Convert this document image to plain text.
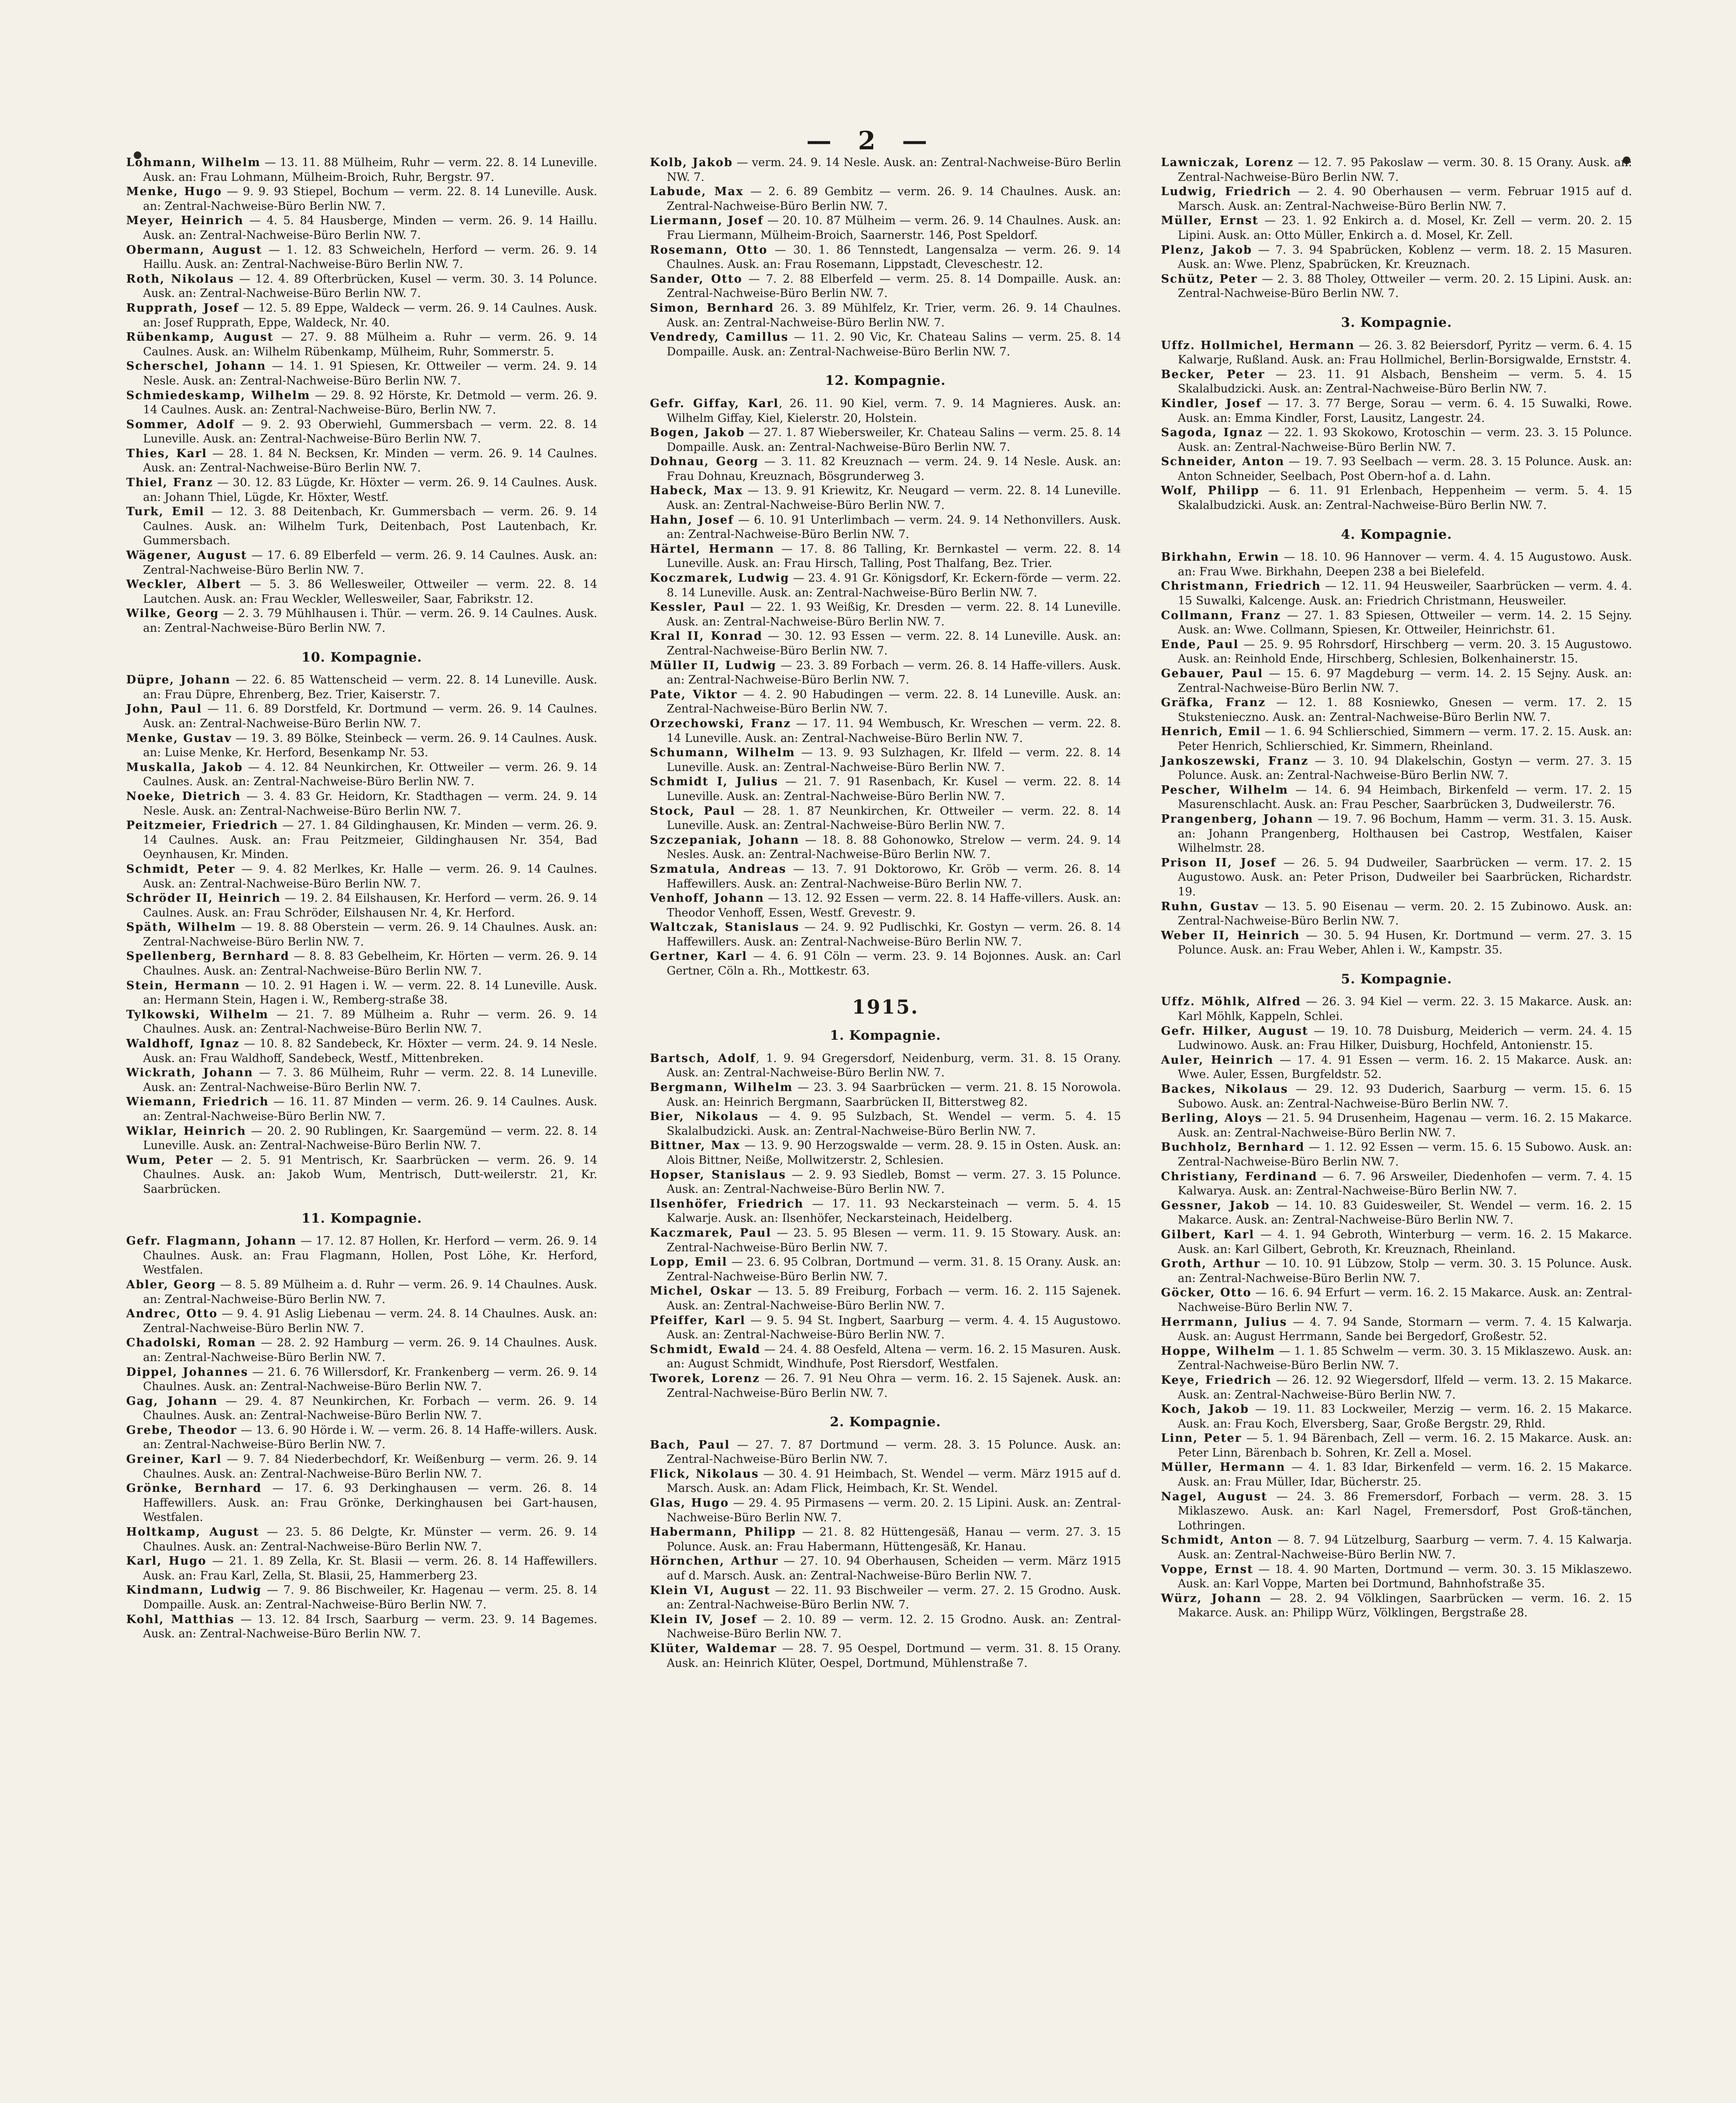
— 2 —

Lohmann, Wilhelm — 13. 11. 88 Mülheim, Ruhr — verm. 22. 8. 14 Luneville. Ausk. an: Frau Lohmann, Mülheim-Broich, Ruhr, Bergstr. 97.

Menke, Hugo — 9. 9. 93 Stiepel, Bochum — verm. 22. 8. 14 Luneville. Ausk. an: Zentral-Nachweise-Büro Berlin NW. 7.

Meyer, Heinrich — 4. 5. 84 Hausberge, Minden — verm. 26. 9. 14 Haillu. Ausk. an: Zentral-Nachweise-Büro Berlin NW. 7.

Obermann, August — 1. 12. 83 Schweicheln, Herford — verm. 26. 9. 14 Haillu. Ausk. an: Zentral-Nachweise-Büro Berlin NW. 7.

Roth, Nikolaus — 12. 4. 89 Ofterbrücken, Kusel — verm. 30. 3. 14 Polunce. Ausk. an: Zentral-Nachweise-Büro Berlin NW. 7.

Rupprath, Josef — 12. 5. 89 Eppe, Waldeck — verm. 26. 9. 14 Caulnes. Ausk. an: Josef Rupprath, Eppe, Waldeck, Nr. 40.

Rübenkamp, August — 27. 9. 88 Mülheim a. Ruhr — verm. 26. 9. 14 Caulnes. Ausk. an: Wilhelm Rübenkamp, Mülheim, Ruhr, Sommerstr. 5.

Scherschel, Johann — 14. 1. 91 Spiesen, Kr. Ottweiler — verm. 24. 9. 14 Nesle. Ausk. an: Zentral-Nachweise-Büro Berlin NW. 7.

Schmiedeskamp, Wilhelm — 29. 8. 92 Hörste, Kr. Detmold — verm. 26. 9. 14 Caulnes. Ausk. an: Zentral-Nachweise-Büro, Berlin NW. 7.

Sommer, Adolf — 9. 2. 93 Oberwiehl, Gummersbach — verm. 22. 8. 14 Luneville. Ausk. an: Zentral-Nachweise-Büro Berlin NW. 7.

Thies, Karl — 28. 1. 84 N. Becksen, Kr. Minden — verm. 26. 9. 14 Caulnes. Ausk. an: Zentral-Nachweise-Büro Berlin NW. 7.

Thiel, Franz — 30. 12. 83 Lügde, Kr. Höxter — verm. 26. 9. 14 Caulnes. Ausk. an: Johann Thiel, Lügde, Kr. Höxter, Westf.

Turk, Emil — 12. 3. 88 Deitenbach, Kr. Gummersbach — verm. 26. 9. 14 Caulnes. Ausk. an: Wilhelm Turk, Deitenbach, Post Lautenbach, Kr. Gummersbach.

Wägener, August — 17. 6. 89 Elberfeld — verm. 26. 9. 14 Caulnes. Ausk. an: Zentral-Nachweise-Büro Berlin NW. 7.

Weckler, Albert — 5. 3. 86 Wellesweiler, Ottweiler — verm. 22. 8. 14 Lautchen. Ausk. an: Frau Weckler, Wellesweiler, Saar, Fabrikstr. 12.

Wilke, Georg — 2. 3. 79 Mühlhausen i. Thür. — verm. 26. 9. 14 Caulnes. Ausk. an: Zentral-Nachweise-Büro Berlin NW. 7.

10. Kompagnie.

Düpre, Johann — 22. 6. 85 Wattenscheid — verm. 22. 8. 14 Luneville. Ausk. an: Frau Düpre, Ehrenberg, Bez. Trier, Kaiserstr. 7.

John, Paul — 11. 6. 89 Dorstfeld, Kr. Dortmund — verm. 26. 9. 14 Caulnes. Ausk. an: Zentral-Nachweise-Büro Berlin NW. 7.

Menke, Gustav — 19. 3. 89 Bölke, Steinbeck — verm. 26. 9. 14 Caulnes. Ausk. an: Luise Menke, Kr. Herford, Besenkamp Nr. 53.

Muskalla, Jakob — 4. 12. 84 Neunkirchen, Kr. Ottweiler — verm. 26. 9. 14 Caulnes. Ausk. an: Zentral-Nachweise-Büro Berlin NW. 7.

Noeke, Dietrich — 3. 4. 83 Gr. Heidorn, Kr. Stadthagen — verm. 24. 9. 14 Nesle. Ausk. an: Zentral-Nachweise-Büro Berlin NW. 7.

Peitzmeier, Friedrich — 27. 1. 84 Gildinghausen, Kr. Minden — verm. 26. 9. 14 Caulnes. Ausk. an: Frau Peitzmeier, Gildinghausen Nr. 354, Bad Oeynhausen, Kr. Minden.

Schmidt, Peter — 9. 4. 82 Merlkes, Kr. Halle — verm. 26. 9. 14 Caulnes. Ausk. an: Zentral-Nachweise-Büro Berlin NW. 7.

Schröder II, Heinrich — 19. 2. 84 Eilshausen, Kr. Herford — verm. 26. 9. 14 Caulnes. Ausk. an: Frau Schröder, Eilshausen Nr. 4, Kr. Herford.

Späth, Wilhelm — 19. 8. 88 Oberstein — verm. 26. 9. 14 Chaulnes. Ausk. an: Zentral-Nachweise-Büro Berlin NW. 7.

Spellenberg, Bernhard — 8. 8. 83 Gebelheim, Kr. Hörten — verm. 26. 9. 14 Chaulnes. Ausk. an: Zentral-Nachweise-Büro Berlin NW. 7.

Stein, Hermann — 10. 2. 91 Hagen i. W. — verm. 22. 8. 14 Luneville. Ausk. an: Hermann Stein, Hagen i. W., Remberg-straße 38.

Tylkowski, Wilhelm — 21. 7. 89 Mülheim a. Ruhr — verm. 26. 9. 14 Chaulnes. Ausk. an: Zentral-Nachweise-Büro Berlin NW. 7.

Waldhoff, Ignaz — 10. 8. 82 Sandebeck, Kr. Höxter — verm. 24. 9. 14 Nesle. Ausk. an: Frau Waldhoff, Sandebeck, Westf., Mittenbreken.

Wickrath, Johann — 7. 3. 86 Mülheim, Ruhr — verm. 22. 8. 14 Luneville. Ausk. an: Zentral-Nachweise-Büro Berlin NW. 7.

Wiemann, Friedrich — 16. 11. 87 Minden — verm. 26. 9. 14 Caulnes. Ausk. an: Zentral-Nachweise-Büro Berlin NW. 7.

Wiklar, Heinrich — 20. 2. 90 Rublingen, Kr. Saargemünd — verm. 22. 8. 14 Luneville. Ausk. an: Zentral-Nachweise-Büro Berlin NW. 7.

Wum, Peter — 2. 5. 91 Mentrisch, Kr. Saarbrücken — verm. 26. 9. 14 Chaulnes. Ausk. an: Jakob Wum, Mentrisch, Dutt-weilerstr. 21, Kr. Saarbrücken.

11. Kompagnie.

Gefr. Flagmann, Johann — 17. 12. 87 Hollen, Kr. Herford — verm. 26. 9. 14 Chaulnes. Ausk. an: Frau Flagmann, Hollen, Post Löhe, Kr. Herford, Westfalen.

Abler, Georg — 8. 5. 89 Mülheim a. d. Ruhr — verm. 26. 9. 14 Chaulnes. Ausk. an: Zentral-Nachweise-Büro Berlin NW. 7.

Andrec, Otto — 9. 4. 91 Aslig Liebenau — verm. 24. 8. 14 Chaulnes. Ausk. an: Zentral-Nachweise-Büro Berlin NW. 7.

Chadolski, Roman — 28. 2. 92 Hamburg — verm. 26. 9. 14 Chaulnes. Ausk. an: Zentral-Nachweise-Büro Berlin NW. 7.

Dippel, Johannes — 21. 6. 76 Willersdorf, Kr. Frankenberg — verm. 26. 9. 14 Chaulnes. Ausk. an: Zentral-Nachweise-Büro Berlin NW. 7.

Gag, Johann — 29. 4. 87 Neunkirchen, Kr. Forbach — verm. 26. 9. 14 Chaulnes. Ausk. an: Zentral-Nachweise-Büro Berlin NW. 7.

Grebe, Theodor — 13. 6. 90 Hörde i. W. — verm. 26. 8. 14 Haffe-willers. Ausk. an: Zentral-Nachweise-Büro Berlin NW. 7.

Greiner, Karl — 9. 7. 84 Niederbechdorf, Kr. Weißenburg — verm. 26. 9. 14 Chaulnes. Ausk. an: Zentral-Nachweise-Büro Berlin NW. 7.

Grönke, Bernhard — 17. 6. 93 Derkinghausen — verm. 26. 8. 14 Haffewillers. Ausk. an: Frau Grönke, Derkinghausen bei Gart-hausen, Westfalen.

Holtkamp, August — 23. 5. 86 Delgte, Kr. Münster — verm. 26. 9. 14 Chaulnes. Ausk. an: Zentral-Nachweise-Büro Berlin NW. 7.

Karl, Hugo — 21. 1. 89 Zella, Kr. St. Blasii — verm. 26. 8. 14 Haffewillers. Ausk. an: Frau Karl, Zella, St. Blasii, 25, Hammerberg 23.

Kindmann, Ludwig — 7. 9. 86 Bischweiler, Kr. Hagenau — verm. 25. 8. 14 Dompaille. Ausk. an: Zentral-Nachweise-Büro Berlin NW. 7.

Kohl, Matthias — 13. 12. 84 Irsch, Saarburg — verm. 23. 9. 14 Bagemes. Ausk. an: Zentral-Nachweise-Büro Berlin NW. 7.

Kolb, Jakob — verm. 24. 9. 14 Nesle. Ausk. an: Zentral-Nachweise-Büro Berlin NW. 7.

Labude, Max — 2. 6. 89 Gembitz — verm. 26. 9. 14 Chaulnes. Ausk. an: Zentral-Nachweise-Büro Berlin NW. 7.

Liermann, Josef — 20. 10. 87 Mülheim — verm. 26. 9. 14 Chaulnes. Ausk. an: Frau Liermann, Mülheim-Broich, Saarnerstr. 146, Post Speldorf.

Rosemann, Otto — 30. 1. 86 Tennstedt, Langensalza — verm. 26. 9. 14 Chaulnes. Ausk. an: Frau Rosemann, Lippstadt, Cleveschestr. 12.

Sander, Otto — 7. 2. 88 Elberfeld — verm. 25. 8. 14 Dompaille. Ausk. an: Zentral-Nachweise-Büro Berlin NW. 7.

Simon, Bernhard 26. 3. 89 Mühlfelz, Kr. Trier, verm. 26. 9. 14 Chaulnes. Ausk. an: Zentral-Nachweise-Büro Berlin NW. 7.

Vendredy, Camillus — 11. 2. 90 Vic, Kr. Chateau Salins — verm. 25. 8. 14 Dompaille. Ausk. an: Zentral-Nachweise-Büro Berlin NW. 7.

12. Kompagnie.

Gefr. Giffay, Karl, 26. 11. 90 Kiel, verm. 7. 9. 14 Magnieres. Ausk. an: Wilhelm Giffay, Kiel, Kielerstr. 20, Holstein.

Bogen, Jakob — 27. 1. 87 Wiebersweiler, Kr. Chateau Salins — verm. 25. 8. 14 Dompaille. Ausk. an: Zentral-Nachweise-Büro Berlin NW. 7.

Dohnau, Georg — 3. 11. 82 Kreuznach — verm. 24. 9. 14 Nesle. Ausk. an: Frau Dohnau, Kreuznach, Bösgrunderweg 3.

Habeck, Max — 13. 9. 91 Kriewitz, Kr. Neugard — verm. 22. 8. 14 Luneville. Ausk. an: Zentral-Nachweise-Büro Berlin NW. 7.

Hahn, Josef — 6. 10. 91 Unterlimbach — verm. 24. 9. 14 Nethonvillers. Ausk. an: Zentral-Nachweise-Büro Berlin NW. 7.

Härtel, Hermann — 17. 8. 86 Talling, Kr. Bernkastel — verm. 22. 8. 14 Luneville. Ausk. an: Frau Hirsch, Talling, Post Thalfang, Bez. Trier.

Koczmarek, Ludwig — 23. 4. 91 Gr. Königsdorf, Kr. Eckern-förde — verm. 22. 8. 14 Luneville. Ausk. an: Zentral-Nachweise-Büro Berlin NW. 7.

Kessler, Paul — 22. 1. 93 Weißig, Kr. Dresden — verm. 22. 8. 14 Luneville. Ausk. an: Zentral-Nachweise-Büro Berlin NW. 7.

Kral II, Konrad — 30. 12. 93 Essen — verm. 22. 8. 14 Luneville. Ausk. an: Zentral-Nachweise-Büro Berlin NW. 7.

Müller II, Ludwig — 23. 3. 89 Forbach — verm. 26. 8. 14 Haffe-villers. Ausk. an: Zentral-Nachweise-Büro Berlin NW. 7.

Pate, Viktor — 4. 2. 90 Habudingen — verm. 22. 8. 14 Luneville. Ausk. an: Zentral-Nachweise-Büro Berlin NW. 7.

Orzechowski, Franz — 17. 11. 94 Wembusch, Kr. Wreschen — verm. 22. 8. 14 Luneville. Ausk. an: Zentral-Nachweise-Büro Berlin NW. 7.

Schumann, Wilhelm — 13. 9. 93 Sulzhagen, Kr. Ilfeld — verm. 22. 8. 14 Luneville. Ausk. an: Zentral-Nachweise-Büro Berlin NW. 7.

Schmidt I, Julius — 21. 7. 91 Rasenbach, Kr. Kusel — verm. 22. 8. 14 Luneville. Ausk. an: Zentral-Nachweise-Büro Berlin NW. 7.

Stock, Paul — 28. 1. 87 Neunkirchen, Kr. Ottweiler — verm. 22. 8. 14 Luneville. Ausk. an: Zentral-Nachweise-Büro Berlin NW. 7.

Szczepaniak, Johann — 18. 8. 88 Gohonowko, Strelow — verm. 24. 9. 14 Nesles. Ausk. an: Zentral-Nachweise-Büro Berlin NW. 7.

Szmatula, Andreas — 13. 7. 91 Doktorowo, Kr. Gröb — verm. 26. 8. 14 Haffewillers. Ausk. an: Zentral-Nachweise-Büro Berlin NW. 7.

Venhoff, Johann — 13. 12. 92 Essen — verm. 22. 8. 14 Haffe-villers. Ausk. an: Theodor Venhoff, Essen, Westf. Grevestr. 9.

Waltczak, Stanislaus — 24. 9. 92 Pudlischki, Kr. Gostyn — verm. 26. 8. 14 Haffewillers. Ausk. an: Zentral-Nachweise-Büro Berlin NW. 7.

Gertner, Karl — 4. 6. 91 Cöln — verm. 23. 9. 14 Bojonnes. Ausk. an: Carl Gertner, Cöln a. Rh., Mottkestr. 63.

1915.
1. Kompagnie.

Bartsch, Adolf, 1. 9. 94 Gregersdorf, Neidenburg, verm. 31. 8. 15 Orany. Ausk. an: Zentral-Nachweise-Büro Berlin NW. 7.

Bergmann, Wilhelm — 23. 3. 94 Saarbrücken — verm. 21. 8. 15 Norowola. Ausk. an: Heinrich Bergmann, Saarbrücken II, Bitterstweg 82.

Bier, Nikolaus — 4. 9. 95 Sulzbach, St. Wendel — verm. 5. 4. 15 Skalalbudzicki. Ausk. an: Zentral-Nachweise-Büro Berlin NW. 7.

Bittner, Max — 13. 9. 90 Herzogswalde — verm. 28. 9. 15 in Osten. Ausk. an: Alois Bittner, Neiße, Mollwitzerstr. 2, Schlesien.

Hopser, Stanislaus — 2. 9. 93 Siedleb, Bomst — verm. 27. 3. 15 Polunce. Ausk. an: Zentral-Nachweise-Büro Berlin NW. 7.

Ilsenhöfer, Friedrich — 17. 11. 93 Neckarsteinach — verm. 5. 4. 15 Kalwarje. Ausk. an: Ilsenhöfer, Neckarsteinach, Heidelberg.

Kaczmarek, Paul — 23. 5. 95 Blesen — verm. 11. 9. 15 Stowary. Ausk. an: Zentral-Nachweise-Büro Berlin NW. 7.

Lopp, Emil — 23. 6. 95 Colbran, Dortmund — verm. 31. 8. 15 Orany. Ausk. an: Zentral-Nachweise-Büro Berlin NW. 7.

Michel, Oskar — 13. 5. 89 Freiburg, Forbach — verm. 16. 2. 115 Sajenek. Ausk. an: Zentral-Nachweise-Büro Berlin NW. 7.

Pfeiffer, Karl — 9. 5. 94 St. Ingbert, Saarburg — verm. 4. 4. 15 Augustowo. Ausk. an: Zentral-Nachweise-Büro Berlin NW. 7.

Schmidt, Ewald — 24. 4. 88 Oesfeld, Altena — verm. 16. 2. 15 Masuren. Ausk. an: August Schmidt, Windhufe, Post Riersdorf, Westfalen.

Tworek, Lorenz — 26. 7. 91 Neu Ohra — verm. 16. 2. 15 Sajenek. Ausk. an: Zentral-Nachweise-Büro Berlin NW. 7.

2. Kompagnie.

Bach, Paul — 27. 7. 87 Dortmund — verm. 28. 3. 15 Polunce. Ausk. an: Zentral-Nachweise-Büro Berlin NW. 7.

Flick, Nikolaus — 30. 4. 91 Heimbach, St. Wendel — verm. März 1915 auf d. Marsch. Ausk. an: Adam Flick, Heimbach, Kr. St. Wendel.

Glas, Hugo — 29. 4. 95 Pirmasens — verm. 20. 2. 15 Lipini. Ausk. an: Zentral-Nachweise-Büro Berlin NW. 7.

Habermann, Philipp — 21. 8. 82 Hüttengesäß, Hanau — verm. 27. 3. 15 Polunce. Ausk. an: Frau Habermann, Hüttengesäß, Kr. Hanau.

Hörnchen, Arthur — 27. 10. 94 Oberhausen, Scheiden — verm. März 1915 auf d. Marsch. Ausk. an: Zentral-Nachweise-Büro Berlin NW. 7.

Klein VI, August — 22. 11. 93 Bischweiler — verm. 27. 2. 15 Grodno. Ausk. an: Zentral-Nachweise-Büro Berlin NW. 7.

Klein IV, Josef — 2. 10. 89 — verm. 12. 2. 15 Grodno. Ausk. an: Zentral-Nachweise-Büro Berlin NW. 7.

Klüter, Waldemar — 28. 7. 95 Oespel, Dortmund — verm. 31. 8. 15 Orany. Ausk. an: Heinrich Klüter, Oespel, Dortmund, Mühlenstraße 7.

Lawniczak, Lorenz — 12. 7. 95 Pakoslaw — verm. 30. 8. 15 Orany. Ausk. an: Zentral-Nachweise-Büro Berlin NW. 7.

Ludwig, Friedrich — 2. 4. 90 Oberhausen — verm. Februar 1915 auf d. Marsch. Ausk. an: Zentral-Nachweise-Büro Berlin NW. 7.

Müller, Ernst — 23. 1. 92 Enkirch a. d. Mosel, Kr. Zell — verm. 20. 2. 15 Lipini. Ausk. an: Otto Müller, Enkirch a. d. Mosel, Kr. Zell.

Plenz, Jakob — 7. 3. 94 Spabrücken, Koblenz — verm. 18. 2. 15 Masuren. Ausk. an: Wwe. Plenz, Spabrücken, Kr. Kreuznach.

Schütz, Peter — 2. 3. 88 Tholey, Ottweiler — verm. 20. 2. 15 Lipini. Ausk. an: Zentral-Nachweise-Büro Berlin NW. 7.

3. Kompagnie.

Uffz. Hollmichel, Hermann — 26. 3. 82 Beiersdorf, Pyritz — verm. 6. 4. 15 Kalwarje, Rußland. Ausk. an: Frau Hollmichel, Berlin-Borsigwalde, Ernststr. 4.

Becker, Peter — 23. 11. 91 Alsbach, Bensheim — verm. 5. 4. 15 Skalalbudzicki. Ausk. an: Zentral-Nachweise-Büro Berlin NW. 7.

Kindler, Josef — 17. 3. 77 Berge, Sorau — verm. 6. 4. 15 Suwalki, Rowe. Ausk. an: Emma Kindler, Forst, Lausitz, Langestr. 24.

Sagoda, Ignaz — 22. 1. 93 Skokowo, Krotoschin — verm. 23. 3. 15 Polunce. Ausk. an: Zentral-Nachweise-Büro Berlin NW. 7.

Schneider, Anton — 19. 7. 93 Seelbach — verm. 28. 3. 15 Polunce. Ausk. an: Anton Schneider, Seelbach, Post Obern-hof a. d. Lahn.

Wolf, Philipp — 6. 11. 91 Erlenbach, Heppenheim — verm. 5. 4. 15 Skalalbudzicki. Ausk. an: Zentral-Nachweise-Büro Berlin NW. 7.

4. Kompagnie.

Birkhahn, Erwin — 18. 10. 96 Hannover — verm. 4. 4. 15 Augustowo. Ausk. an: Frau Wwe. Birkhahn, Deepen 238 a bei Bielefeld.

Christmann, Friedrich — 12. 11. 94 Heusweiler, Saarbrücken — verm. 4. 4. 15 Suwalki, Kalcenge. Ausk. an: Friedrich Christmann, Heusweiler.

Collmann, Franz — 27. 1. 83 Spiesen, Ottweiler — verm. 14. 2. 15 Sejny. Ausk. an: Wwe. Collmann, Spiesen, Kr. Ottweiler, Heinrichstr. 61.

Ende, Paul — 25. 9. 95 Rohrsdorf, Hirschberg — verm. 20. 3. 15 Augustowo. Ausk. an: Reinhold Ende, Hirschberg, Schlesien, Bolkenhainerstr. 15.

Gebauer, Paul — 15. 6. 97 Magdeburg — verm. 14. 2. 15 Sejny. Ausk. an: Zentral-Nachweise-Büro Berlin NW. 7.

Gräfka, Franz — 12. 1. 88 Kosniewko, Gnesen — verm. 17. 2. 15 Stukstenieczno. Ausk. an: Zentral-Nachweise-Büro Berlin NW. 7.

Henrich, Emil — 1. 6. 94 Schlierschied, Simmern — verm. 17. 2. 15. Ausk. an: Peter Henrich, Schlierschied, Kr. Simmern, Rheinland.

Jankoszewski, Franz — 3. 10. 94 Dlakelschin, Gostyn — verm. 27. 3. 15 Polunce. Ausk. an: Zentral-Nachweise-Büro Berlin NW. 7.

Pescher, Wilhelm — 14. 6. 94 Heimbach, Birkenfeld — verm. 17. 2. 15 Masurenschlacht. Ausk. an: Frau Pescher, Saarbrücken 3, Dudweilerstr. 76.

Prangenberg, Johann — 19. 7. 96 Bochum, Hamm — verm. 31. 3. 15. Ausk. an: Johann Prangenberg, Holthausen bei Castrop, Westfalen, Kaiser Wilhelmstr. 28.

Prison II, Josef — 26. 5. 94 Dudweiler, Saarbrücken — verm. 17. 2. 15 Augustowo. Ausk. an: Peter Prison, Dudweiler bei Saarbrücken, Richardstr. 19.

Ruhn, Gustav — 13. 5. 90 Eisenau — verm. 20. 2. 15 Zubinowo. Ausk. an: Zentral-Nachweise-Büro Berlin NW. 7.

Weber II, Heinrich — 30. 5. 94 Husen, Kr. Dortmund — verm. 27. 3. 15 Polunce. Ausk. an: Frau Weber, Ahlen i. W., Kampstr. 35.

5. Kompagnie.

Uffz. Möhlk, Alfred — 26. 3. 94 Kiel — verm. 22. 3. 15 Makarce. Ausk. an: Karl Möhlk, Kappeln, Schlei.

Gefr. Hilker, August — 19. 10. 78 Duisburg, Meiderich — verm. 24. 4. 15 Ludwinowo. Ausk. an: Frau Hilker, Duisburg, Hochfeld, Antonienstr. 15.

Auler, Heinrich — 17. 4. 91 Essen — verm. 16. 2. 15 Makarce. Ausk. an: Wwe. Auler, Essen, Burgfeldstr. 52.

Backes, Nikolaus — 29. 12. 93 Duderich, Saarburg — verm. 15. 6. 15 Subowo. Ausk. an: Zentral-Nachweise-Büro Berlin NW. 7.

Berling, Aloys — 21. 5. 94 Drusenheim, Hagenau — verm. 16. 2. 15 Makarce. Ausk. an: Zentral-Nachweise-Büro Berlin NW. 7.

Buchholz, Bernhard — 1. 12. 92 Essen — verm. 15. 6. 15 Subowo. Ausk. an: Zentral-Nachweise-Büro Berlin NW. 7.

Christiany, Ferdinand — 6. 7. 96 Arsweiler, Diedenhofen — verm. 7. 4. 15 Kalwarya. Ausk. an: Zentral-Nachweise-Büro Berlin NW. 7.

Gessner, Jakob — 14. 10. 83 Guidesweiler, St. Wendel — verm. 16. 2. 15 Makarce. Ausk. an: Zentral-Nachweise-Büro Berlin NW. 7.

Gilbert, Karl — 4. 1. 94 Gebroth, Winterburg — verm. 16. 2. 15 Makarce. Ausk. an: Karl Gilbert, Gebroth, Kr. Kreuznach, Rheinland.

Groth, Arthur — 10. 10. 91 Lübzow, Stolp — verm. 30. 3. 15 Polunce. Ausk. an: Zentral-Nachweise-Büro Berlin NW. 7.

Göcker, Otto — 16. 6. 94 Erfurt — verm. 16. 2. 15 Makarce. Ausk. an: Zentral-Nachweise-Büro Berlin NW. 7.

Herrmann, Julius — 4. 7. 94 Sande, Stormarn — verm. 7. 4. 15 Kalwarja. Ausk. an: August Herrmann, Sande bei Bergedorf, Großestr. 52.

Hoppe, Wilhelm — 1. 1. 85 Schwelm — verm. 30. 3. 15 Miklaszewo. Ausk. an: Zentral-Nachweise-Büro Berlin NW. 7.

Keye, Friedrich — 26. 12. 92 Wiegersdorf, Ilfeld — verm. 13. 2. 15 Makarce. Ausk. an: Zentral-Nachweise-Büro Berlin NW. 7.

Koch, Jakob — 19. 11. 83 Lockweiler, Merzig — verm. 16. 2. 15 Makarce. Ausk. an: Frau Koch, Elversberg, Saar, Große Bergstr. 29, Rhld.

Linn, Peter — 5. 1. 94 Bärenbach, Zell — verm. 16. 2. 15 Makarce. Ausk. an: Peter Linn, Bärenbach b. Sohren, Kr. Zell a. Mosel.

Müller, Hermann — 4. 1. 83 Idar, Birkenfeld — verm. 16. 2. 15 Makarce. Ausk. an: Frau Müller, Idar, Bücherstr. 25.

Nagel, August — 24. 3. 86 Fremersdorf, Forbach — verm. 28. 3. 15 Miklaszewo. Ausk. an: Karl Nagel, Fremersdorf, Post Groß-tänchen, Lothringen.

Schmidt, Anton — 8. 7. 94 Lützelburg, Saarburg — verm. 7. 4. 15 Kalwarja. Ausk. an: Zentral-Nachweise-Büro Berlin NW. 7.

Voppe, Ernst — 18. 4. 90 Marten, Dortmund — verm. 30. 3. 15 Miklaszewo. Ausk. an: Karl Voppe, Marten bei Dortmund, Bahnhofstraße 35.

Würz, Johann — 28. 2. 94 Völklingen, Saarbrücken — verm. 16. 2. 15 Makarce. Ausk. an: Philipp Würz, Völklingen, Bergstraße 28.
